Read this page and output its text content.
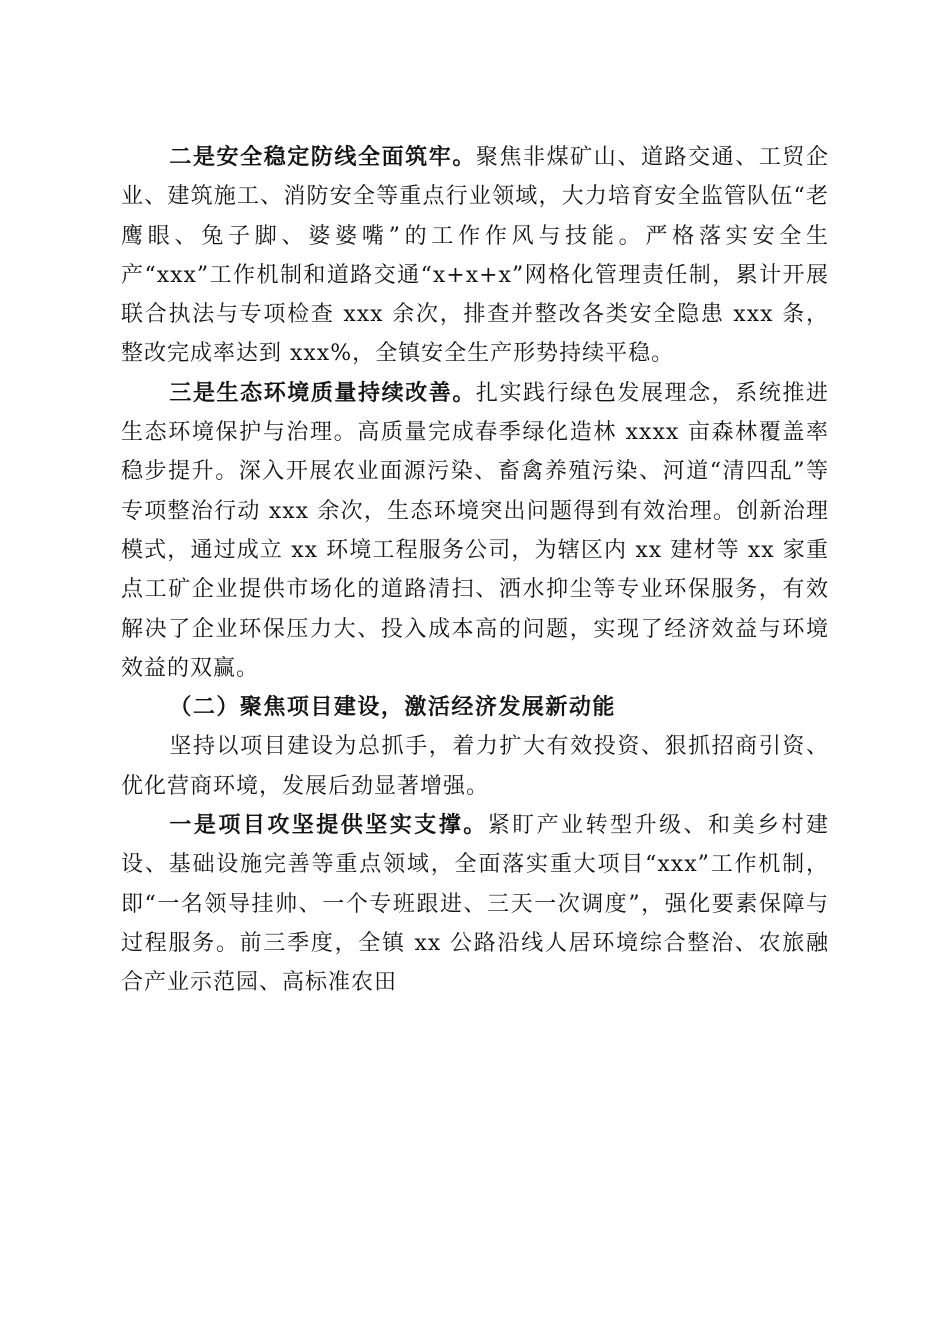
二是安全稳定防线全面筑牢。聚焦非煤矿山、道路交通、工贸企业、建筑施工、消防安全等重点行业领域，大力培育安全监管队伍“老鹰眼、兔子脚、婆婆嘴”的工作作风与技能。严格落实安全生产“xxx”工作机制和道路交通“x+x+x”网格化管理责任制，累计开展联合执法与专项检查 xxx 余次，排查并整改各类安全隐患 xxx 条，整改完成率达到 xxx%，全镇安全生产形势持续平稳。

三是生态环境质量持续改善。扎实践行绿色发展理念，系统推进生态环境保护与治理。高质量完成春季绿化造林 xxxx 亩森林覆盖率稳步提升。深入开展农业面源污染、畜禽养殖污染、河道“清四乱”等专项整治行动 xxx 余次，生态环境突出问题得到有效治理。创新治理模式，通过成立 xx 环境工程服务公司，为辖区内 xx 建材等 xx 家重点工矿企业提供市场化的道路清扫、洒水抑尘等专业环保服务，有效解决了企业环保压力大、投入成本高的问题，实现了经济效益与环境效益的双赢。

（二）聚焦项目建设，激活经济发展新动能

坚持以项目建设为总抓手，着力扩大有效投资、狠抓招商引资、优化营商环境，发展后劲显著增强。

一是项目攻坚提供坚实支撑。紧盯产业转型升级、和美乡村建设、基础设施完善等重点领域，全面落实重大项目“xxx”工作机制，即“一名领导挂帅、一个专班跟进、三天一次调度”，强化要素保障与过程服务。前三季度，全镇 xx 公路沿线人居环境综合整治、农旅融合产业示范园、高标准农田
